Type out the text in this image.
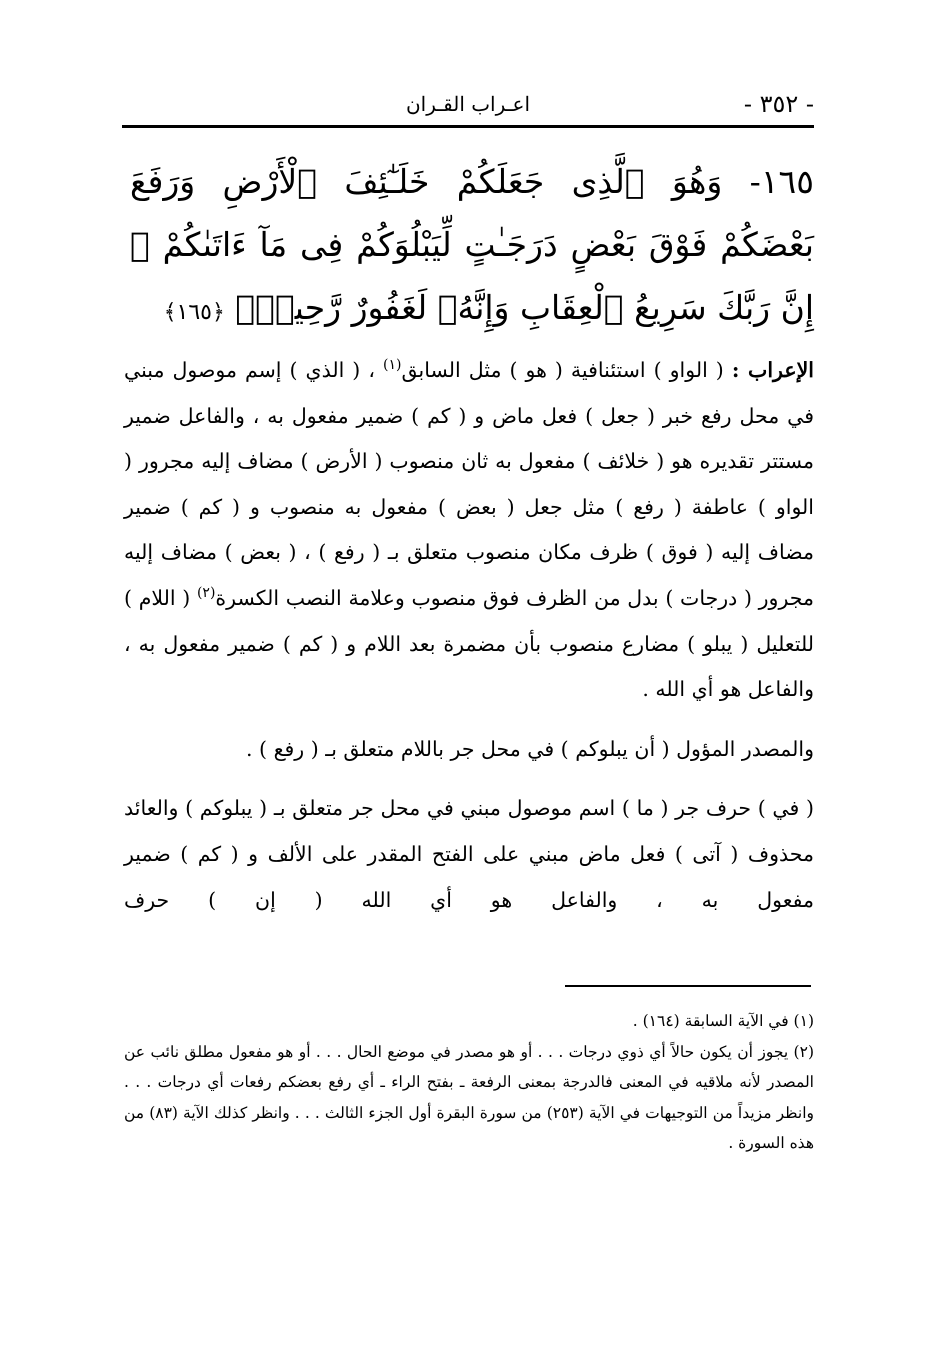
- ٣٥٢ -
اعـراب القـران
١٦٥- وَهُوَ ٱلَّذِى جَعَلَكُمْ خَلَـٰٓئِفَ ٱلْأَرْضِ وَرَفَعَ بَعْضَكُمْ فَوْقَ بَعْضٍ دَرَجَـٰتٍ لِّيَبْلُوَكُمْ فِى مَآ ءَاتَىٰكُمْ ۗ إِنَّ رَبَّكَ سَرِيعُ ٱلْعِقَابِ وَإِنَّهُۥ لَغَفُورٌ رَّحِيمٌۢ ﴿١٦٥﴾

الإعراب : ( الواو ) استئنافية ( هو ) مثل السابق$^{(١)}$ ، ( الذي ) إسم موصول مبني في محل رفع خبر ( جعل ) فعل ماض و ( كم ) ضمير مفعول به ، والفاعل ضمير مستتر تقديره هو ( خلائف ) مفعول به ثان منصوب ( الأرض ) مضاف إليه مجرور ( الواو ) عاطفة ( رفع ) مثل جعل ( بعض ) مفعول به منصوب و ( كم ) ضمير مضاف إليه ( فوق ) ظرف مكان منصوب متعلق بـ ( رفع ) ، ( بعض ) مضاف إليه مجرور ( درجات ) بدل من الظرف فوق منصوب وعلامة النصب الكسرة$^{(٢)}$ ( اللام ) للتعليل ( يبلو ) مضارع منصوب بأن مضمرة بعد اللام و ( كم ) ضمير مفعول به ، والفاعل هو أي الله .

والمصدر المؤول ( أن يبلوكم ) في محل جر باللام متعلق بـ ( رفع ) .

( في ) حرف جر ( ما ) اسم موصول مبني في محل جر متعلق بـ ( يبلوكم ) والعائد محذوف ( آتى ) فعل ماض مبني على الفتح المقدر على الألف و ( كم ) ضمير مفعول به ، والفاعل هو أي الله ( إن ) حرف

(١) في الآية السابقة (١٦٤) .

(٢) يجوز أن يكون حالاً أي ذوي درجات . . . أو هو مصدر في موضع الحال . . . أو هو مفعول مطلق نائب عن المصدر لأنه ملاقيه في المعنى فالدرجة بمعنى الرفعة ـ بفتح الراء ـ أي رفع بعضكم رفعات أي درجات . . . وانظر مزيداً من التوجيهات في الآية (٢٥٣) من سورة البقرة أول الجزء الثالث . . . وانظر كذلك الآية (٨٣) من هذه السورة .
